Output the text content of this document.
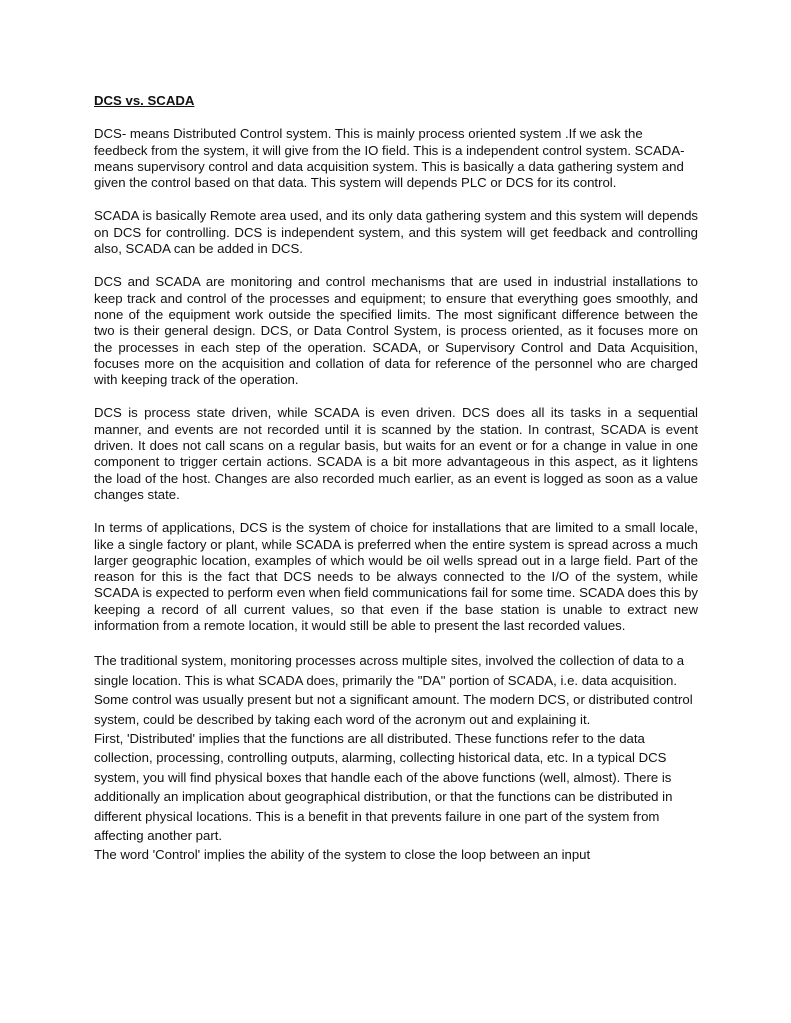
DCS vs. SCADA

DCS- means Distributed Control system. This is mainly process oriented system .If we ask the feedbeck from the system, it will give from the IO field. This is a independent control system. SCADA-means supervisory control and data acquisition system. This is basically a data gathering system and given the control based on that data. This system will depends PLC or DCS for its control.

SCADA is basically Remote area used, and its only data gathering system and this system will depends on DCS for controlling. DCS is independent system, and this system will get feedback and controlling also, SCADA can be added in DCS.

DCS and SCADA are monitoring and control mechanisms that are used in industrial installations to keep track and control of the processes and equipment; to ensure that everything goes smoothly, and none of the equipment work outside the specified limits. The most significant difference between the two is their general design. DCS, or Data Control System, is process oriented, as it focuses more on the processes in each step of the operation. SCADA, or Supervisory Control and Data Acquisition, focuses more on the acquisition and collation of data for reference of the personnel who are charged with keeping track of the operation.

DCS is process state driven, while SCADA is even driven. DCS does all its tasks in a sequential manner, and events are not recorded until it is scanned by the station. In contrast, SCADA is event driven. It does not call scans on a regular basis, but waits for an event or for a change in value in one component to trigger certain actions. SCADA is a bit more advantageous in this aspect, as it lightens the load of the host. Changes are also recorded much earlier, as an event is logged as soon as a value changes state.

In terms of applications, DCS is the system of choice for installations that are limited to a small locale, like a single factory or plant, while SCADA is preferred when the entire system is spread across a much larger geographic location, examples of which would be oil wells spread out in a large field. Part of the reason for this is the fact that DCS needs to be always connected to the I/O of the system, while SCADA is expected to perform even when field communications fail for some time. SCADA does this by keeping a record of all current values, so that even if the base station is unable to extract new information from a remote location, it would still be able to present the last recorded values.

The traditional system, monitoring processes across multiple sites, involved the collection of data to a single location. This is what SCADA does, primarily the "DA" portion of SCADA, i.e. data acquisition. Some control was usually present but not a significant amount. The modern DCS, or distributed control system, could be described by taking each word of the acronym out and explaining it.

First, 'Distributed' implies that the functions are all distributed. These functions refer to the data collection, processing, controlling outputs, alarming, collecting historical data, etc. In a typical DCS system, you will find physical boxes that handle each of the above functions (well, almost). There is additionally an implication about geographical distribution, or that the functions can be distributed in different physical locations. This is a benefit in that prevents failure in one part of the system from affecting another part.

The word 'Control' implies the ability of the system to close the loop between an input
